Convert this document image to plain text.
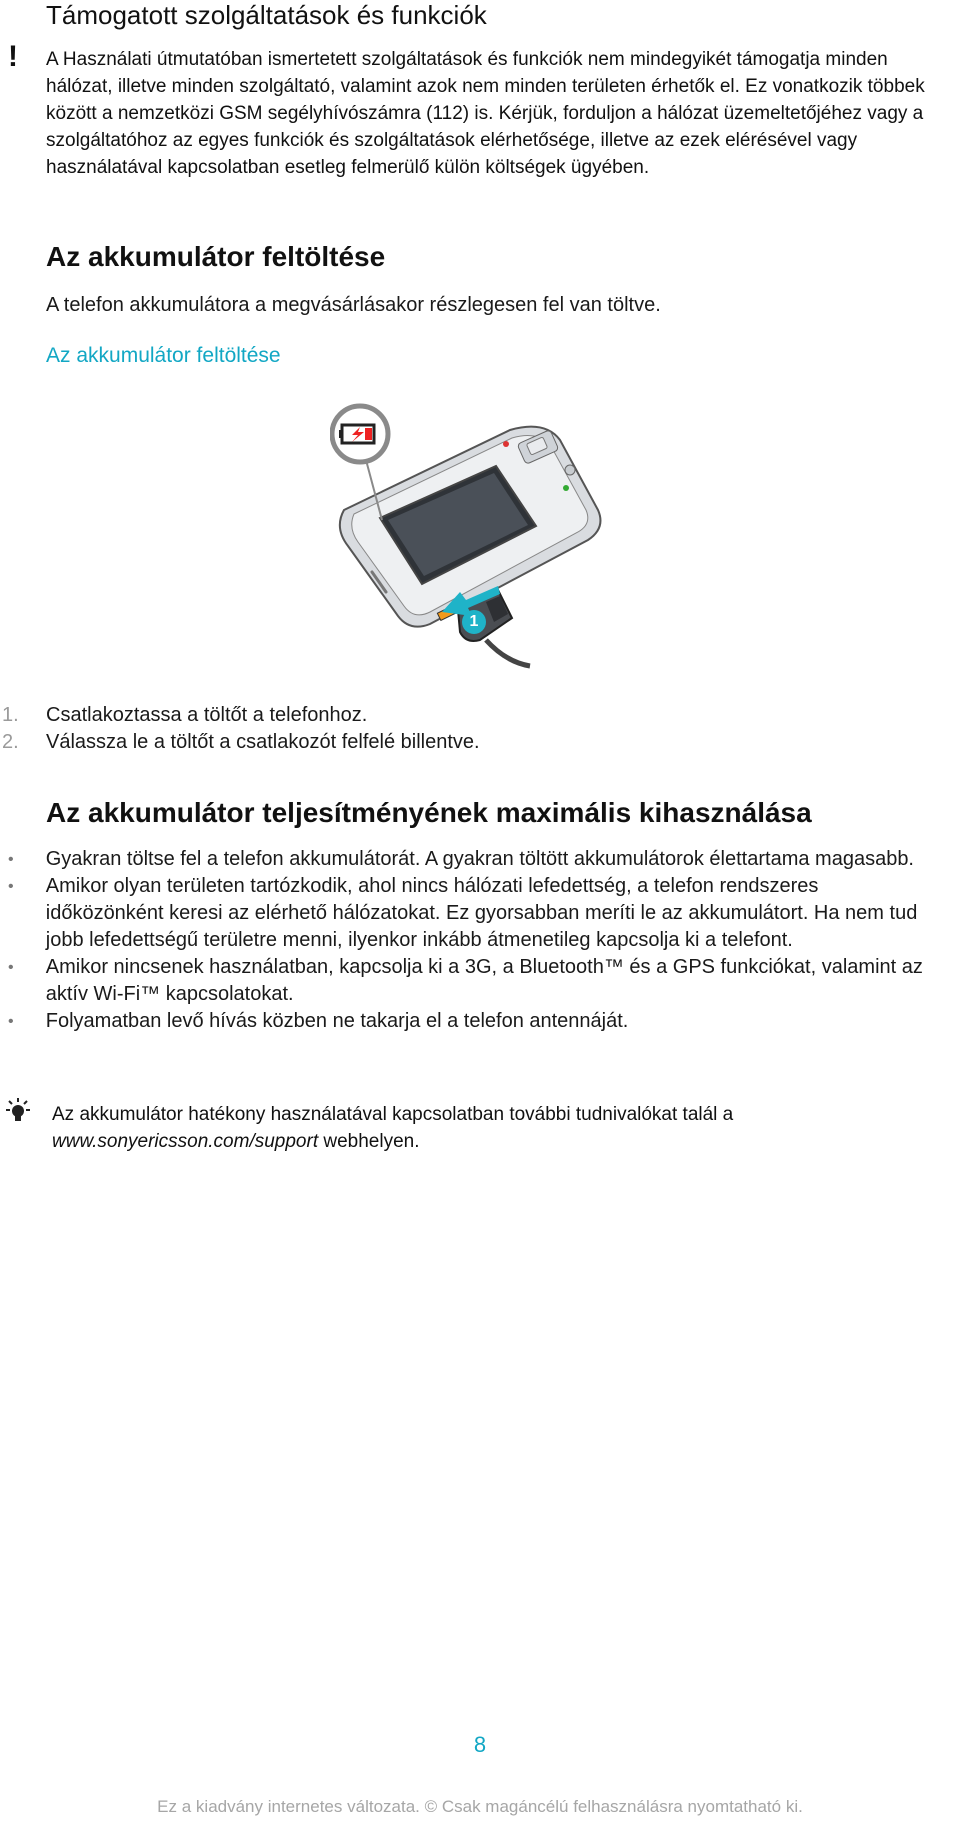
Támogatott szolgáltatások és funkciók
! A Használati útmutatóban ismertetett szolgáltatások és funkciók nem mindegyikét támogatja minden hálózat, illetve minden szolgáltató, valamint azok nem minden területen érhetők el. Ez vonatkozik többek között a nemzetközi GSM segélyhívószámra (112) is. Kérjük, forduljon a hálózat üzemeltetőjéhez vagy a szolgáltatóhoz az egyes funkciók és szolgáltatások elérhetősége, illetve az ezek elérésével vagy használatával kapcsolatban esetleg felmerülő külön költségek ügyében.
Az akkumulátor feltöltése
A telefon akkumulátora a megvásárlásakor részlegesen fel van töltve.
Az akkumulátor feltöltése
1
1.	Csatlakoztassa a töltőt a telefonhoz.
2.	Válassza le a töltőt a csatlakozót felfelé billentve.
Az akkumulátor teljesítményének maximális kihasználása
•	Gyakran töltse fel a telefon akkumulátorát. A gyakran töltött akkumulátorok élettartama magasabb.
•	Amikor olyan területen tartózkodik, ahol nincs hálózati lefedettség, a telefon rendszeres időközönként keresi az elérhető hálózatokat. Ez gyorsabban meríti le az akkumulátort. Ha nem tud jobb lefedettségű területre menni, ilyenkor inkább átmenetileg kapcsolja ki a telefont.
•	Amikor nincsenek használatban, kapcsolja ki a 3G, a Bluetooth™ és a GPS funkciókat, valamint az aktív Wi-Fi™ kapcsolatokat.
•	Folyamatban levő hívás közben ne takarja el a telefon antennáját.
Az akkumulátor hatékony használatával kapcsolatban további tudnivalókat talál a
www.sonyericsson.com/support webhelyen.
8
Ez a kiadvány internetes változata. © Csak magáncélú felhasználásra nyomtatható ki.
